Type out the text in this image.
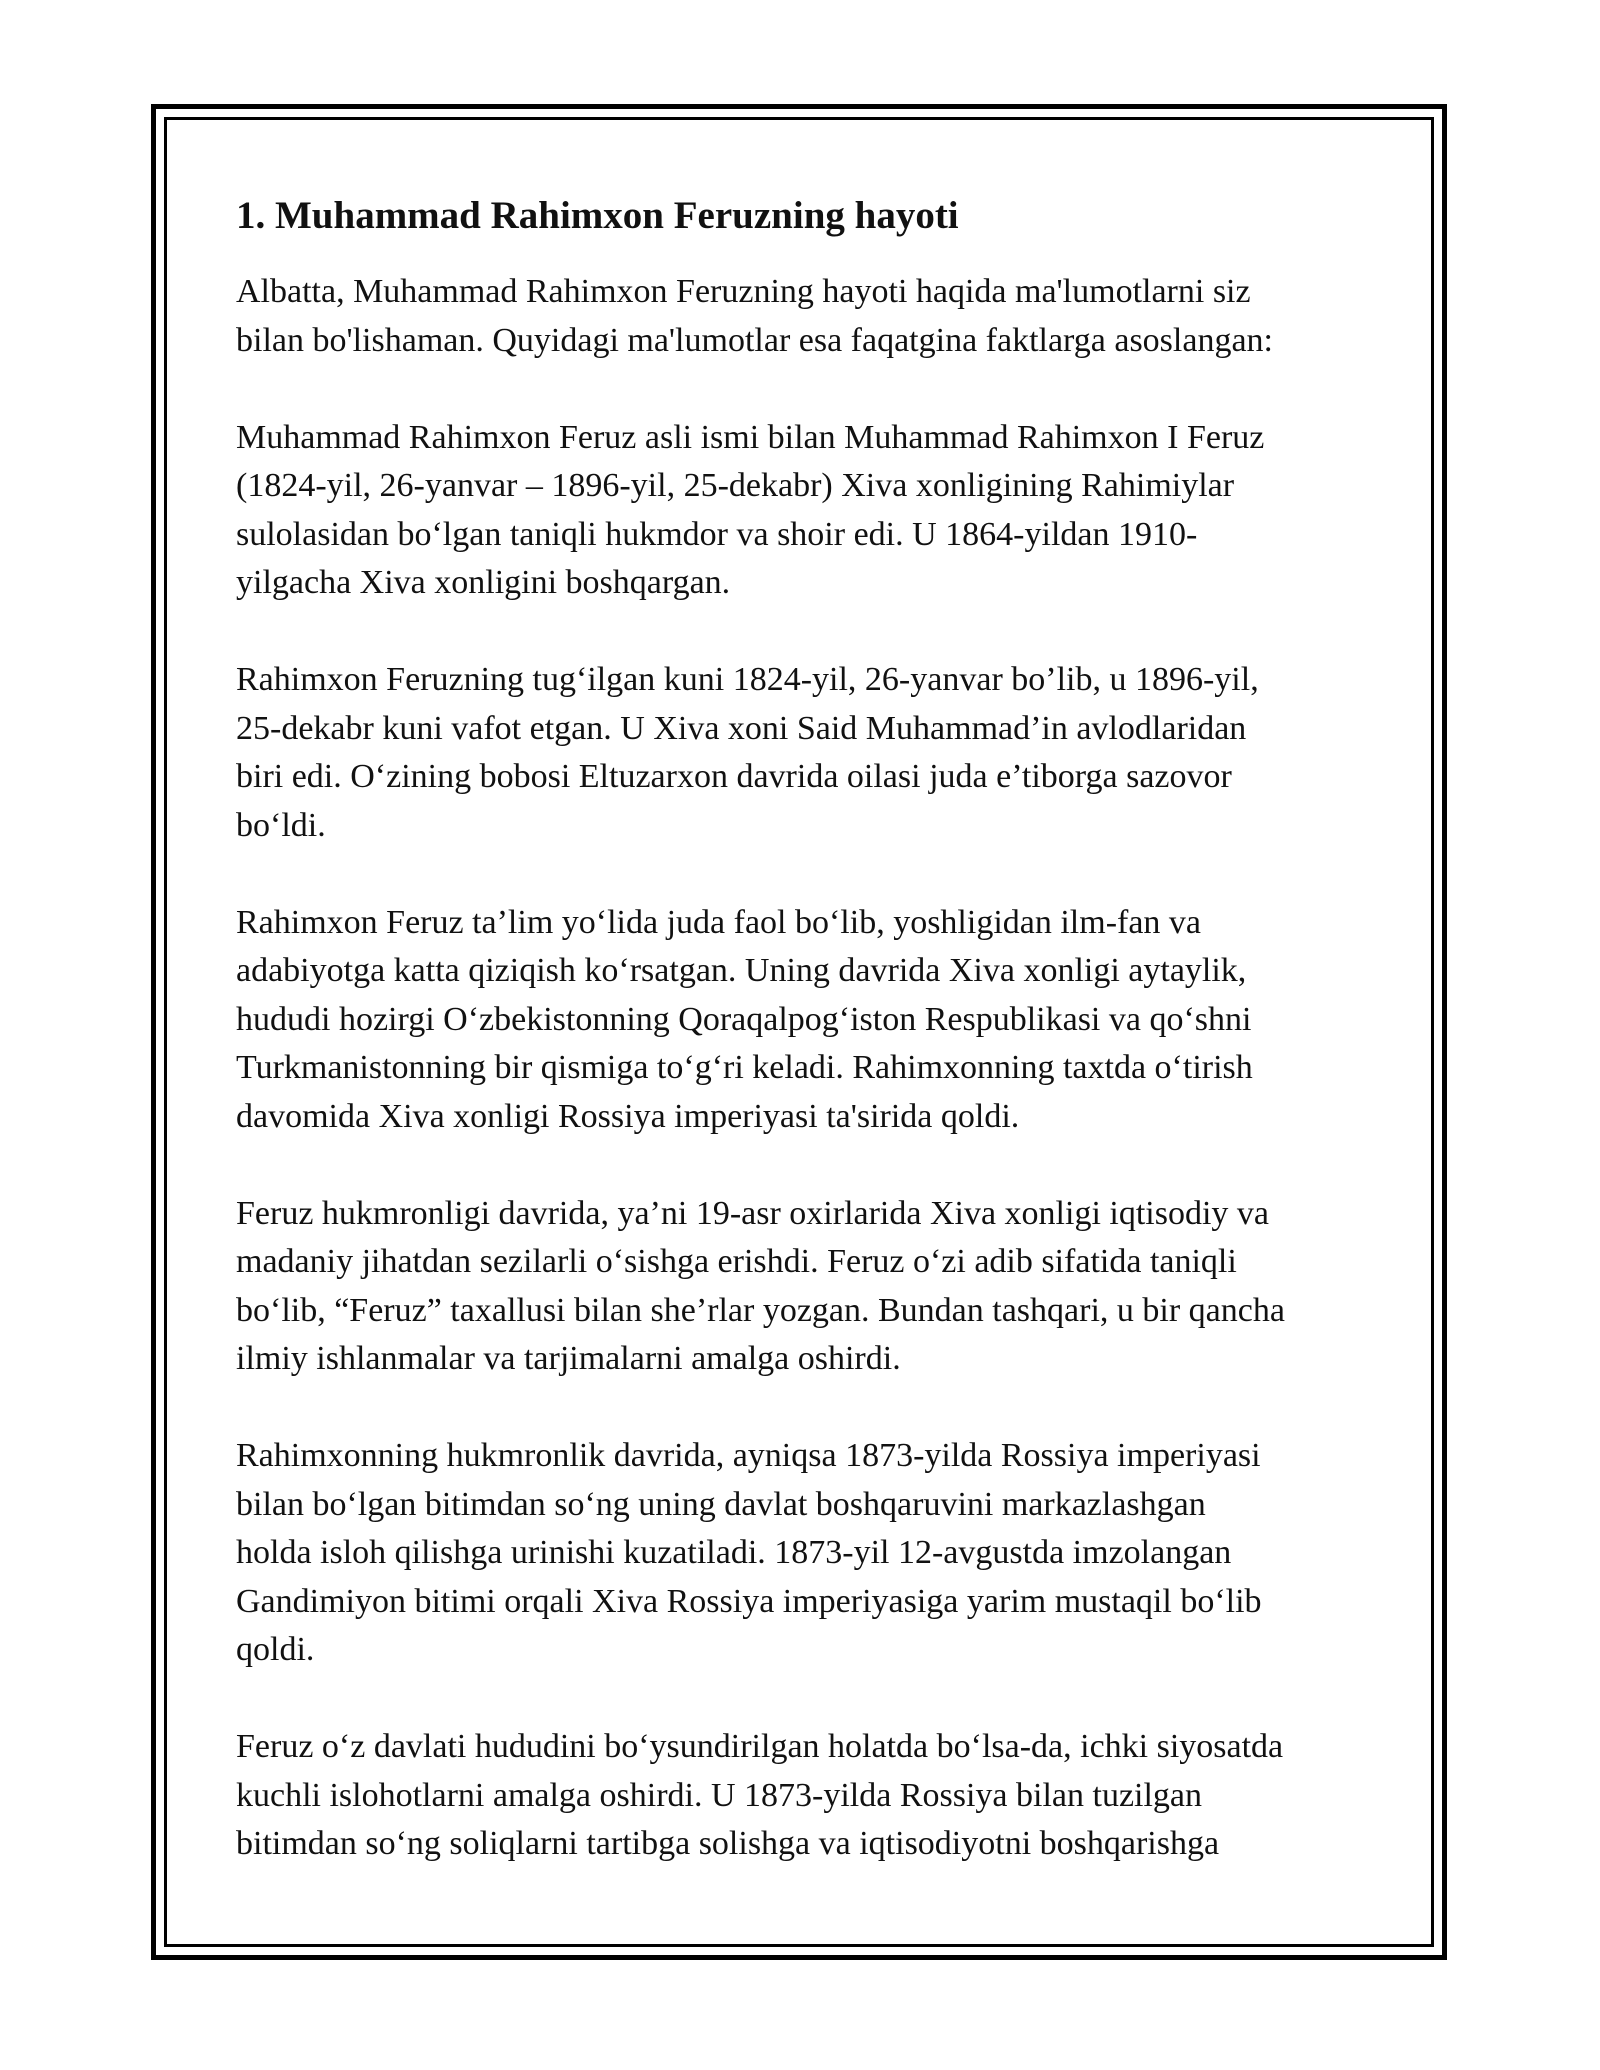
1. Muhammad Rahimxon Feruzning hayoti

Albatta, Muhammad Rahimxon Feruzning hayoti haqida ma'lumotlarni siz
bilan bo'lishaman. Quyidagi ma'lumotlar esa faqatgina faktlarga asoslangan:

Muhammad Rahimxon Feruz asli ismi bilan Muhammad Rahimxon I Feruz
(1824-yil, 26-yanvar – 1896-yil, 25-dekabr) Xiva xonligining Rahimiylar
sulolasidan bo‘lgan taniqli hukmdor va shoir edi. U 1864-yildan 1910-
yilgacha Xiva xonligini boshqargan.

Rahimxon Feruzning tug‘ilgan kuni 1824-yil, 26-yanvar bo’lib, u 1896-yil,
25-dekabr kuni vafot etgan. U Xiva xoni Said Muhammad’in avlodlaridan
biri edi. O‘zining bobosi Eltuzarxon davrida oilasi juda e’tiborga sazovor
bo‘ldi.

Rahimxon Feruz ta’lim yo‘lida juda faol bo‘lib, yoshligidan ilm-fan va
adabiyotga katta qiziqish ko‘rsatgan. Uning davrida Xiva xonligi aytaylik,
hududi hozirgi O‘zbekistonning Qoraqalpog‘iston Respublikasi va qo‘shni
Turkmanistonning bir qismiga to‘g‘ri keladi. Rahimxonning taxtda o‘tirish
davomida Xiva xonligi Rossiya imperiyasi ta'sirida qoldi.

Feruz hukmronligi davrida, ya’ni 19-asr oxirlarida Xiva xonligi iqtisodiy va
madaniy jihatdan sezilarli o‘sishga erishdi. Feruz o‘zi adib sifatida taniqli
bo‘lib, “Feruz” taxallusi bilan she’rlar yozgan. Bundan tashqari, u bir qancha
ilmiy ishlanmalar va tarjimalarni amalga oshirdi.

Rahimxonning hukmronlik davrida, ayniqsa 1873-yilda Rossiya imperiyasi
bilan bo‘lgan bitimdan so‘ng uning davlat boshqaruvini markazlashgan
holda isloh qilishga urinishi kuzatiladi. 1873-yil 12-avgustda imzolangan
Gandimiyon bitimi orqali Xiva Rossiya imperiyasiga yarim mustaqil bo‘lib
qoldi.

Feruz o‘z davlati hududini bo‘ysundirilgan holatda bo‘lsa-da, ichki siyosatda
kuchli islohotlarni amalga oshirdi. U 1873-yilda Rossiya bilan tuzilgan
bitimdan so‘ng soliqlarni tartibga solishga va iqtisodiyotni boshqarishga
